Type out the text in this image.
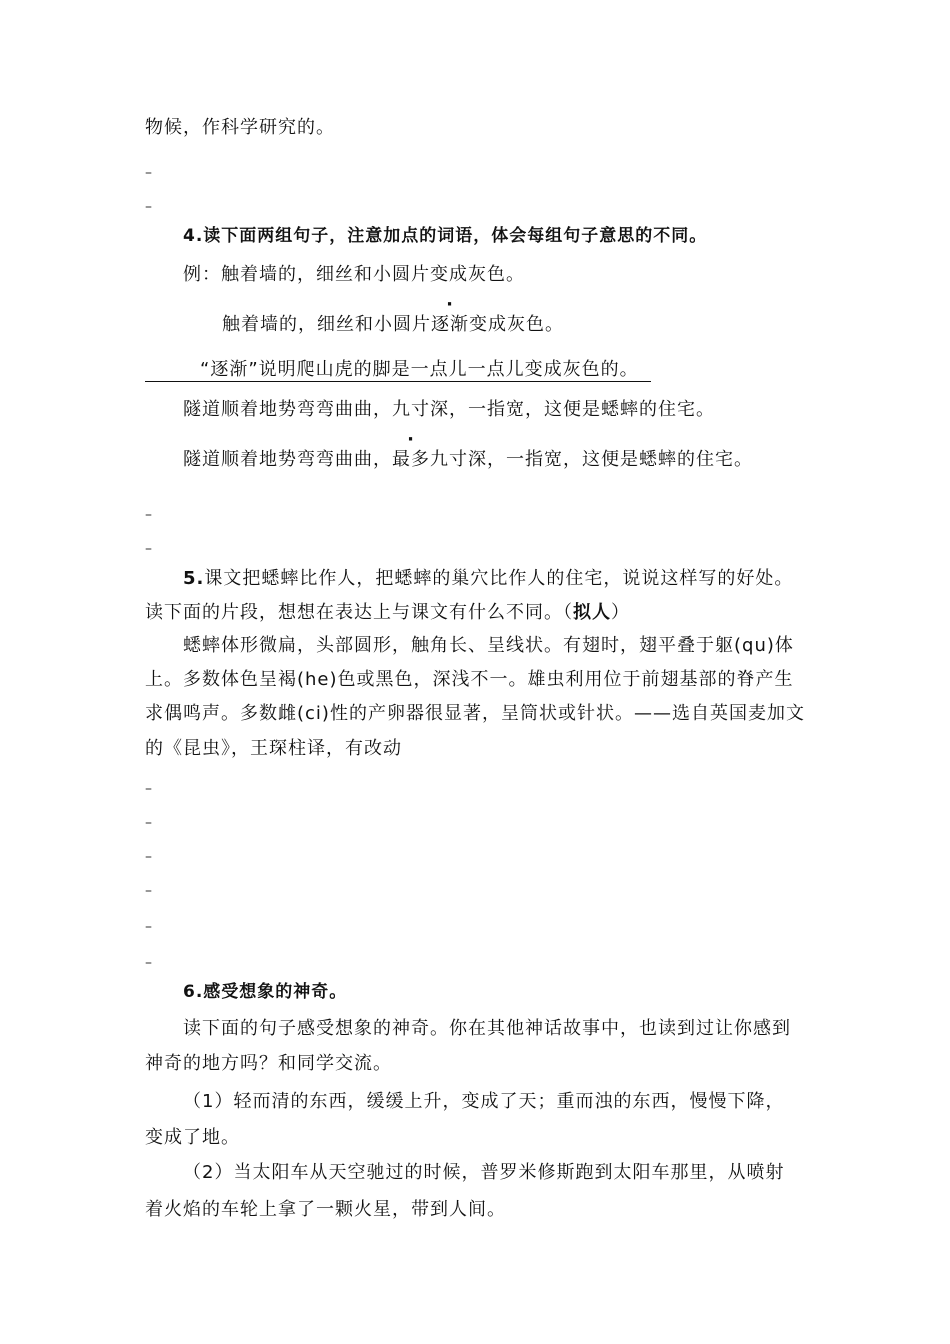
物候，作科学研究的。
–
–
4.读下面两组句子，注意加点的词语，体会每组句子意思的不同。
例：触着墙的，细丝和小圆片变成灰色。
触着墙的，细丝和小圆片逐渐变成灰色。
“逐渐”说明爬山虎的脚是一点儿一点儿变成灰色的。
隧道顺着地势弯弯曲曲，九寸深，一指宽，这便是蟋蟀的住宅。
隧道顺着地势弯弯曲曲，最多九寸深，一指宽，这便是蟋蟀的住宅。
–
–
5.课文把蟋蟀比作人，把蟋蟀的巢穴比作人的住宅，说说这样写的好处。
读下面的片段，想想在表达上与课文有什么不同。（拟人）
蟋蟀体形微扁，头部圆形，触角长、呈线状。有翅时，翅平叠于躯(qu)体
上。多数体色呈褐(he)色或黑色，深浅不一。雄虫利用位于前翅基部的脊产生
求偶鸣声。多数雌(ci)性的产卵器很显著，呈筒状或针状。——选自英国麦加文
的《昆虫》，王琛柱译，有改动
–
–
–
–
–
–
6.感受想象的神奇。
读下面的句子感受想象的神奇。你在其他神话故事中，也读到过让你感到
神奇的地方吗？和同学交流。
（1）轻而清的东西，缓缓上升，变成了天；重而浊的东西，慢慢下降，
变成了地。
（2）当太阳车从天空驰过的时候，普罗米修斯跑到太阳车那里，从喷射
着火焰的车轮上拿了一颗火星，带到人间。
